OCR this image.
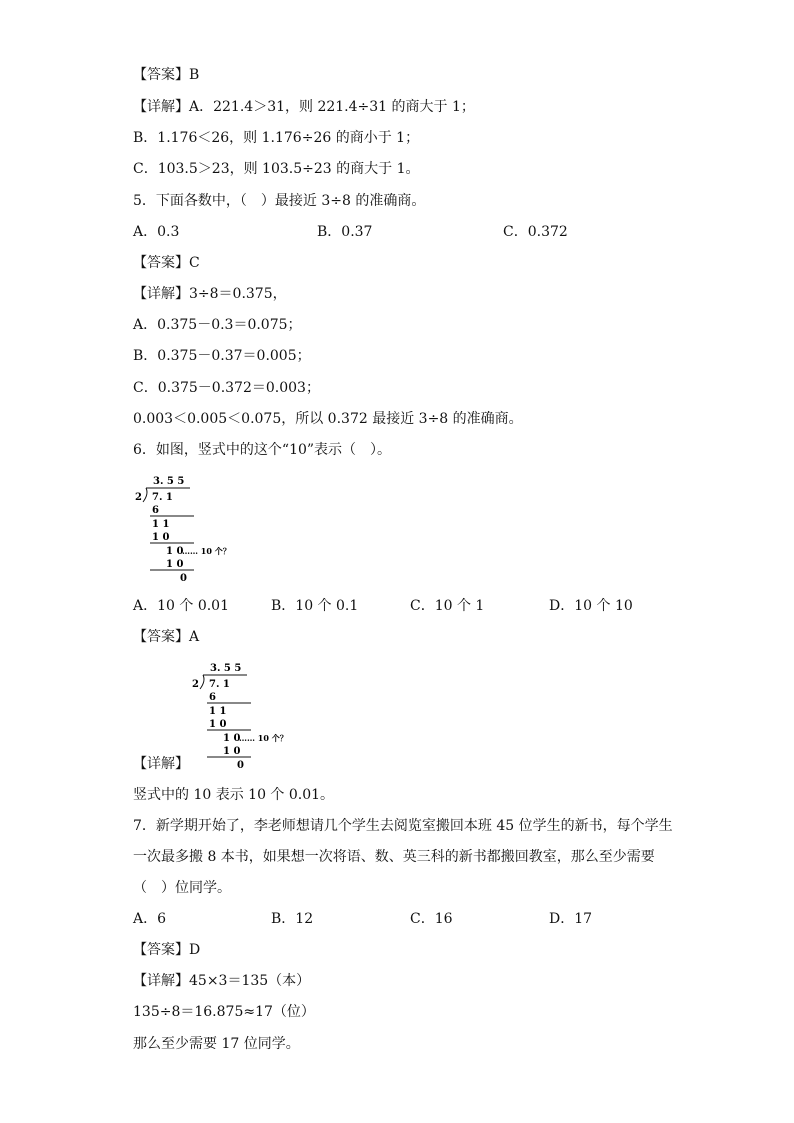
【答案】B
【详解】A．221.4＞31，则 221.4÷31 的商大于 1；
B．1.176＜26，则 1.176÷26 的商小于 1；
C．103.5＞23，则 103.5÷23 的商大于 1。
5．下面各数中，（　）最接近 3÷8 的准确商。
A．0.3	B．0.37	C．0.372
【答案】C
【详解】3÷8＝0.375，
A．0.375－0.3＝0.075；
B．0.375－0.37＝0.005；
C．0.375－0.372＝0.003；
0.003＜0.005＜0.075，所以 0.372 最接近 3÷8 的准确商。
6．如图，竖式中的这个“10”表示（　）。
3. 5 5
2 7. 1
6
1 1
1 0
1 0
…… 10 个？
1 0
0
A．10 个 0.01	B．10 个 0.1	C．10 个 1	D．10 个 10
【答案】A
3. 5 5
2 7. 1
6
1 1
1 0
1 0
…… 10 个？
1 0
0
【详解】
竖式中的 10 表示 10 个 0.01。
7．新学期开始了，李老师想请几个学生去阅览室搬回本班 45 位学生的新书，每个学生
一次最多搬 8 本书，如果想一次将语、数、英三科的新书都搬回教室，那么至少需要
（　）位同学。
A．6	B．12	C．16	D．17
【答案】D
【详解】45×3＝135（本）
135÷8＝16.875≈17（位）
那么至少需要 17 位同学。
